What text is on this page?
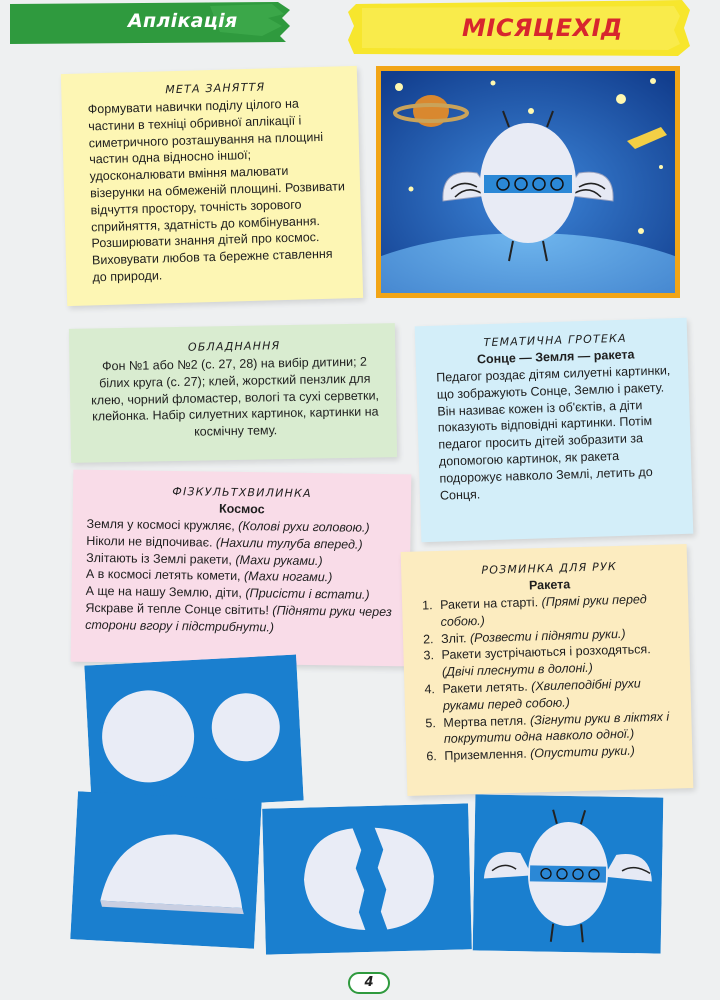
Аплікація	МІСЯЦЕХІД
МЕТА ЗАНЯТТЯ

Формувати навички поділу цілого на частини в техніці обривної аплікації і симетричного розташування на площині частин одна відносно іншої; удосконалювати вміння малювати візерунки на обмеженій площині. Розвивати відчуття простору, точність зорового сприйняття, здатність до комбінування. Розширювати знання дітей про космос. Виховувати любов та бережне ставлення до природи.

ОБЛАДНАННЯ

Фон №1 або №2 (с. 27, 28) на вибір дитини; 2 білих круга (с. 27); клей, жорсткий пензлик для клею, чорний фломастер, вологі та сухі серветки, клейонка. Набір силуетних картинок, картинки на космічну тему.

ТЕМАТИЧНА ГРОТЕКА
Сонце — Земля — ракета

Педагог роздає дітям силуетні картинки, що зображують Сонце, Землю і ракету. Він називає кожен із об'єктів, а діти показують відповідні картинки. Потім педагог просить дітей зобразити за допомогою картинок, як ракета подорожує навколо Землі, летить до Сонця.

ФІЗКУЛЬТХВИЛИНКА
Космос

Земля у космосі кружляє, (Колові рухи головою.)

Ніколи не відпочиває. (Нахили тулуба вперед.)

Злітають із Землі ракети, (Махи руками.)

А в космосі летять комети, (Махи ногами.)

А ще на нашу Землю, діти, (Присісти і встати.)

Яскраве й тепле Сонце світить! (Підняти руки через сторони вгору і підстрибнути.)

РОЗМИНКА ДЛЯ РУК
Ракета
1. Ракети на старті. (Прямі руки перед собою.)
2. Зліт. (Розвести і підняти руки.)
3. Ракети зустрічаються і розходяться. (Двічі плеснути в долоні.)
4. Ракети летять. (Хвилеподібні рухи руками перед собою.)
5. Мертва петля. (Зігнути руки в ліктях і покрутити одна навколо одної.)
6. Приземлення. (Опустити руки.)
4
